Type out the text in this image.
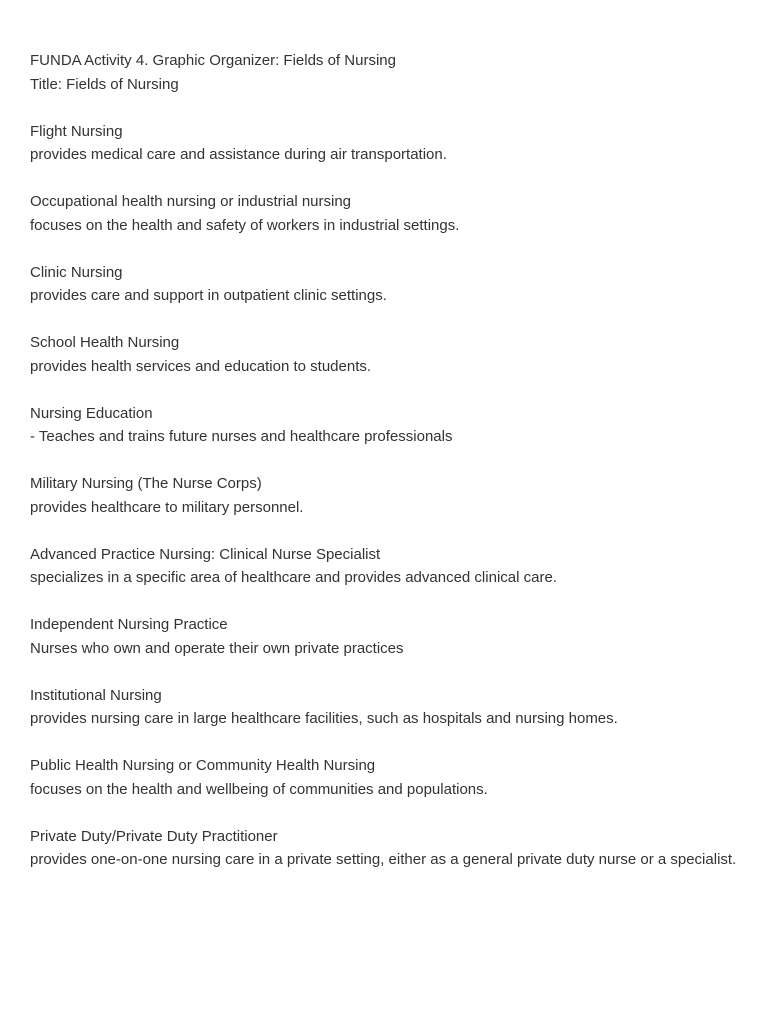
FUNDA Activity 4. Graphic Organizer: Fields of Nursing

Title: Fields of Nursing

Flight Nursing

provides medical care and assistance during air transportation.

Occupational health nursing or industrial nursing

focuses on the health and safety of workers in industrial settings.

Clinic Nursing

provides care and support in outpatient clinic settings.

School Health Nursing

provides health services and education to students.

Nursing Education

- Teaches and trains future nurses and healthcare professionals

Military Nursing (The Nurse Corps)

provides healthcare to military personnel.

Advanced Practice Nursing: Clinical Nurse Specialist

specializes in a specific area of healthcare and provides advanced clinical care.

Independent Nursing Practice

Nurses who own and operate their own private practices

Institutional Nursing

provides nursing care in large healthcare facilities, such as hospitals and nursing homes.

Public Health Nursing or Community Health Nursing

focuses on the health and wellbeing of communities and populations.

Private Duty/Private Duty Practitioner

provides one-on-one nursing care in a private setting, either as a general private duty nurse or a specialist.
